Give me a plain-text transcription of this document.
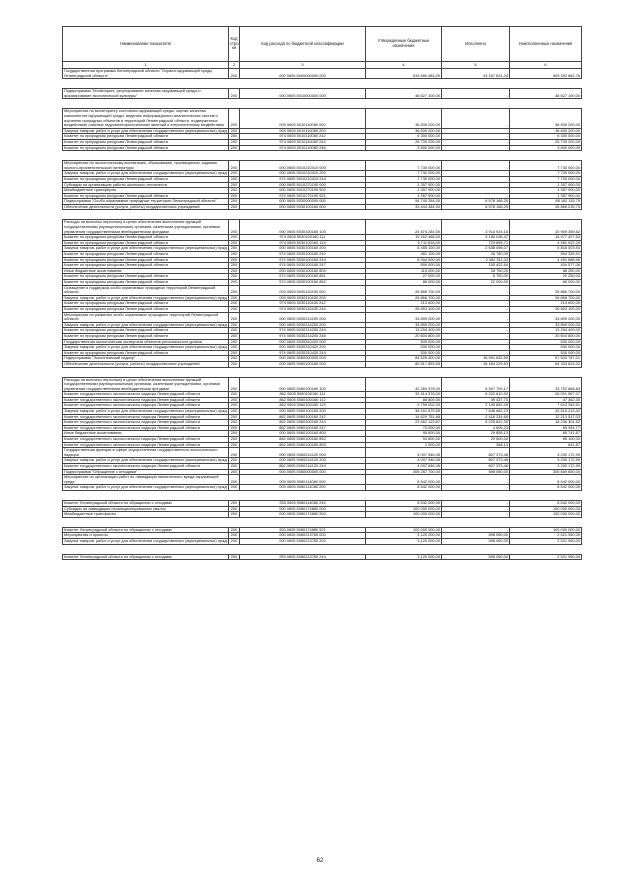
Наименование показателя	Код стро ки	Код расхода по бюджетной классификации	Утвержденные бюджетные назначения	Исполнено	Неисполненные назначения
1	2	3	4	5	6
Государственная программа Ленинградской области "Охрана окружающей среды Ленинградской области"	200	000 0605 5000000000 000	533 560 484,00	24 167 621,24	509 392 862,76

Подпрограмма "Мониторинг, регулирование качества окружающей среды и формирование экологической культуры"	200	000 0605 5010000000 000	48 627 100,00	-	48 627 100,00

Мероприятия по мониторингу состояния окружающей среды, оценке качества компонентов окружающей среды, ведению информационно-аналитических систем и изучению природных объектов и территорий Ленинградской области, подверженных воздействию опасных гидрометеорологических явлений и антропогенному воздействию	200	000 0605 5010110080 000	36 839 200,00	-	36 839 200,00
Закупка товаров, работ и услуг для обеспечения государственных (муниципальных) нужд	200	000 0605 5010110080 200	36 839 200,00	-	36 839 200,00
Комитет по природным ресурсам Ленинградской области	200	974 0605 5010110080 242	6 300 000,00	-	6 300 000,00
Комитет по природным ресурсам Ленинградской области	200	974 0605 5010110080 244	26 739 200,00	-	26 739 200,00
Комитет по природным ресурсам Ленинградской области	200	974 0605 5010110080 246	3 800 000,00	-	3 800 000,00

Мероприятия по экологическому воспитанию, образованию, просвещению, изданию эколого-просветительской литературы	200	000 0605 5010210410 000	7 730 000,00	-	7 730 000,00
Закупка товаров, работ и услуг для обеспечения государственных (муниципальных) нужд	200	000 0605 5010210410 200	7 730 000,00	-	7 730 000,00
Комитет по природным ресурсам Ленинградской области	200	974 0605 5010210410 244	7 730 000,00	-	7 730 000,00
Субсидии на организацию работы школьных лесничеств	200	000 0605 5010270190 000	1 357 900,00	-	1 357 900,00
Межбюджетные трансферты	200	000 0605 5010270190 500	1 357 900,00	-	1 357 900,00
Комитет по природным ресурсам Ленинградской области	200	974 0605 5010270190 521	1 357 900,00	-	1 357 900,00
Подпрограмма "Особо охраняемые природные территории Ленинградской области"	200	000 0605 5030000000 000	94 740 284,00	6 578 168,25	88 162 115,75
Обеспечение деятельности (услуги, работы) государственных учреждений	200	000 0605 5030100160 000	33 444 384,00	6 578 168,25	26 866 215,75

Расходы на выплаты персоналу в целях обеспечения выполнения функций государственными (муниципальными) органами, казенными учреждениями, органами управления государственными внебюджетными фондами	200	000 0605 5030100160 100	24 874 284,00	3 914 924,18	20 959 359,82
Комитет по природным ресурсам Ленинградской области	200	974 0605 5030100160 111	19 162 468,00	3 185 036,47	15 977 427,53
Комитет по природным ресурсам Ленинградской области	200	974 0605 5030100160 119	5 711 818,00	729 895,71	4 981 922,29
Закупка товаров, работ и услуг для обеспечения государственных (муниципальных) нужд	200	000 0605 5030100160 200	8 455 100,00	2 638 096,07	5 816 003,93
Комитет по природным ресурсам Ленинградской области	200	974 0605 5030100160 242	981 100,00	26 760,09	954 339,91
Комитет по природным ресурсам Ленинградской области	200	974 0605 5030100160 244	6 904 000,00	2 452 311,04	4 451 688,96
Комитет по природным ресурсам Ленинградской области	200	974 0605 5030100160 247	590 000,00	155 422,94	434 577,06
Иные бюджетные ассигнования	200	000 0605 5030100160 800	115 000,00	28 750,00	86 250,00
Комитет по природным ресурсам Ленинградской области	200	974 0605 5030100160 851	27 000,00	6 750,00	20 250,00
Комитет по природным ресурсам Ленинградской области	200	974 0605 5030100160 852	88 000,00	22 000,00	66 000,00
Оснащение и поддержка особо охраняемых природных территорий Ленинградской области	200	000 0605 5030110430 000	26 866 700,00	-	26 866 700,00
Закупка товаров, работ и услуг для обеспечения государственных (муниципальных) нужд	200	000 0605 5030110430 200	26 866 700,00	-	26 866 700,00
Комитет по природным ресурсам Ленинградской области	200	974 0605 5030110430 242	213 600,00	-	213 600,00
Комитет по природным ресурсам Ленинградской области	200	974 0605 5030110430 244	26 653 100,00	-	26 653 100,00
Мероприятия по развитию особо охраняемых природных территорий Ленинградской области	200	000 0605 5030214200 000	33 899 200,00	-	33 899 200,00
Закупка товаров, работ и услуг для обеспечения государственных (муниципальных) нужд	200	000 0605 5030214200 200	33 899 200,00	-	33 899 200,00
Комитет по природным ресурсам Ленинградской области	200	974 0605 5030214200 244	13 294 400,00	-	13 294 400,00
Комитет по природным ресурсам Ленинградской области	200	974 0605 5030214200 246	20 604 800,00	-	20 604 800,00
Государственная экологическая экспертиза объектов регионального уровня	200	000 0605 5030310420 000	530 000,00	-	530 000,00
Закупка товаров, работ и услуг для обеспечения государственных (муниципальных) нужд	200	000 0605 5030310420 200	530 000,00	-	530 000,00
Комитет по природным ресурсам Ленинградской области	200	974 0605 5030310420 244	530 000,00	-	530 000,00
Подпрограмма "Экологический надзор"	200	000 0605 5060000000 000	84 525 400,00	16 991 632,99	67 533 767,01
Обеспечение деятельности (услуги, работы) государственных учреждений	200	000 0605 5060100160 000	80 517 853,55	16 184 229,53	64 333 624,02

Расходы на выплаты персоналу в целях обеспечения выполнения функций государственными (муниципальными) органами, казенными учреждениями, органами управления государственными внебюджетными фондами	200	000 0605 5060100160 100	42 260 378,00	8 507 709,17	33 752 668,83
Комитет государственного экологического надзора Ленинградской области	200	862 0605 5060100160 111	32 414 578,00	6 322 610,93	26 091 967,07
Комитет государственного экологического надзора Ленинградской области	200	862 0605 5060100160 112	86 800,00	39 437,70	47 362,30
Комитет государственного экологического надзора Ленинградской области	200	862 0605 5060100160 119	9 759 002,00	2 145 652,49	7 613 349,51
Закупка товаров, работ и услуг для обеспечения государственных (муниципальных) нужд	200	000 0605 5060100160 200	38 161 875,55	7 646 662,23	30 515 213,32
Комитет государственного экологического надзора Ленинградской области	200	862 0605 5060100160 242	14 629 751,68	2 416 234,65	12 213 517,03
Комитет государственного экологического надзора Ленинградской области	200	862 0605 5060100160 244	23 462 123,87	5 225 822,35	18 236 301,52
Комитет государственного экологического надзора Ленинградской области	200	862 0605 5060100160 247	70 000,00	4 605,23	65 394,77
Иные бюджетные ассигнования	200	000 0605 5060100160 800	95 600,00	29 858,13	65 741,87
Комитет государственного экологического надзора Ленинградской области	200	862 0605 5060100160 852	94 600,00	29 500,00	65 100,00
Комитет государственного экологического надзора Ленинградской области	200	862 0605 5060100160 853	1 000,00	358,13	641,87
Государственная функция в сфере осуществления государственного экологического надзора	200	000 0605 5060214120 000	4 007 546,45	807 373,46	3 200 172,99
Закупка товаров, работ и услуг для обеспечения государственных (муниципальных) нужд	200	000 0605 5060214120 200	4 007 546,45	807 373,46	3 200 172,99
Комитет государственного экологического надзора Ленинградской области	200	862 0605 5060214120 244	4 007 546,45	807 373,46	3 200 172,99
Подпрограмма "Обращение с отходами"	200	000 0605 5080000000 000	306 267 700,00	598 050,00	305 669 650,00
Мероприятия по организации работ по ликвидации накопленного вреда окружающей среде	200	000 0605 5080114080 000	8 542 000,00	-	8 542 000,00
Закупка товаров, работ и услуг для обеспечения государственных (муниципальных) нужд	200	000 0605 5080114080 200	8 542 000,00	-	8 542 000,00

Комитет Ленинградской области по обращению с отходами	200	253 0605 5080114080 244	8 542 000,00	-	8 542 000,00
Субсидии на ликвидацию несанкционированных свалок	200	000 0605 5080174880 000	100 000 000,00	-	100 000 000,00
Межбюджетные трансферты	200	000 0605 5080174880 500	100 000 000,00	-	100 000 000,00

Комитет Ленинградской области по обращению с отходами	200	253 0605 5080174880 521	100 000 000,00	-	100 000 000,00
Мероприятия и проекты	200	000 0605 5080213760 000	3 120 000,00	598 050,00	2 521 950,00
Закупка товаров, работ и услуг для обеспечения государственных (муниципальных) нужд	200	000 0605 5080213760 200	3 120 000,00	598 050,00	2 521 950,00

Комитет Ленинградской области по обращению с отходами	200	253 0605 5080213760 244	3 120 000,00	598 050,00	2 521 950,00
62
